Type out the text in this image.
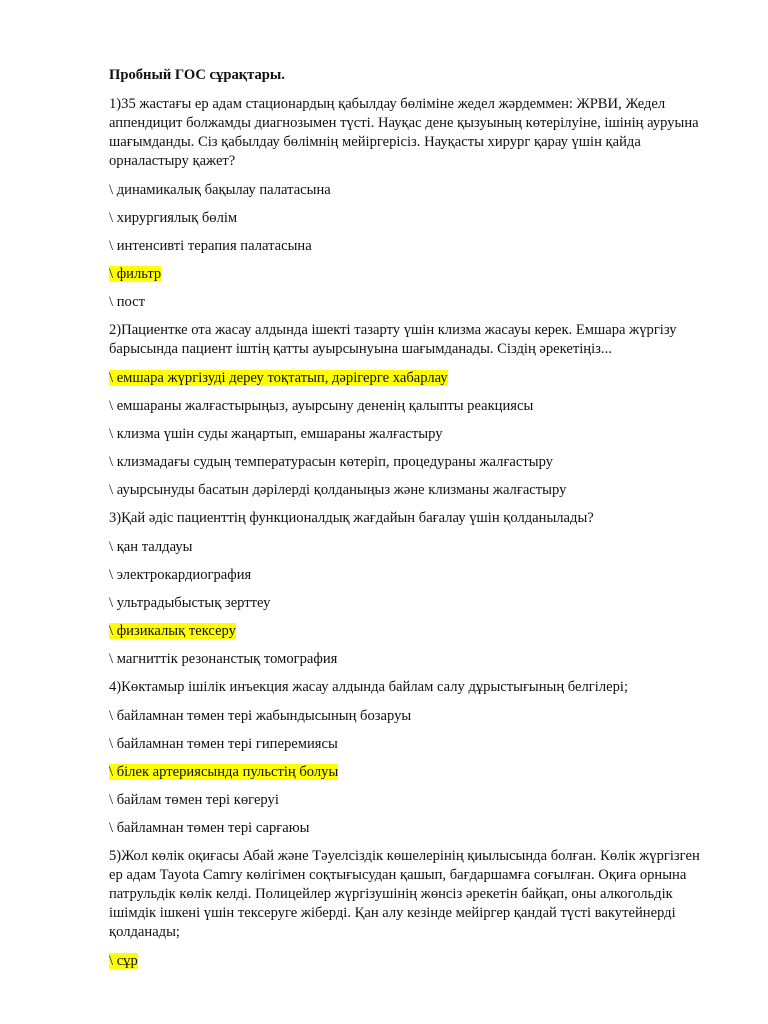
Пробный ГОС сұрақтары.

1)35 жастағы ер адам стационардың қабылдау бөліміне жедел жәрдеммен: ЖРВИ, Жедел аппендицит болжамды диагнозымен түсті. Науқас дене қызуының көтерілуіне, ішінің ауруына шағымданды. Сіз қабылдау бөлімнің мейіргерісіз. Науқасты хирург қарау үшін қайда орналастыру қажет?

\ динамикалық бақылау палатасына

\ хирургиялық бөлім

\ интенсивті терапия палатасына

\ фильтр

\ пост

2)Пациентке ота жасау алдында ішекті тазарту үшін клизма жасауы керек. Емшара жүргізу барысында пациент іштің қатты ауырсынуына шағымданады. Сіздің әрекетіңіз...

\ емшара жүргізуді дереу тоқтатып, дәрігерге хабарлау

\ емшараны жалғастырыңыз, ауырсыну дененің қалыпты реакциясы

\ клизма үшін суды жаңартып, емшараны жалғастыру

\ клизмадағы судың температурасын көтеріп, процедураны жалғастыру

\ ауырсынуды басатын дәрілерді қолданыңыз және клизманы жалғастыру

3)Қай әдіс пациенттің функционалдық жағдайын бағалау үшін қолданылады?

\ қан талдауы

\ электрокардиография

\ ультрадыбыстық зерттеу

\ физикалық тексеру

\ магниттік резонанстық томография

4)Көктамыр ішілік инъекция жасау алдында байлам салу дұрыстығының белгілері;

\ байламнан төмен тері жабындысының бозаруы

\ байламнан төмен тері гиперемиясы

\ білек артериясында пульстің болуы

\ байлам төмен тері көгеруі

\ байламнан төмен тері сарғаюы

5)Жол көлік оқиғасы Абай және Тәуелсіздік көшелерінің қиылысында болған. Көлік жүргізген ер адам Tayota Camry көлігімен соқтығысудан қашып, бағдаршамға соғылған. Оқиға орнына патрульдік көлік келді. Полицейлер жүргізушінің жөнсіз әрекетін байқап, оны алкогольдік ішімдік ішкені үшін тексеруге жіберді. Қан алу кезінде мейіргер қандай түсті вакутейнерді қолданады;

\ сұр
